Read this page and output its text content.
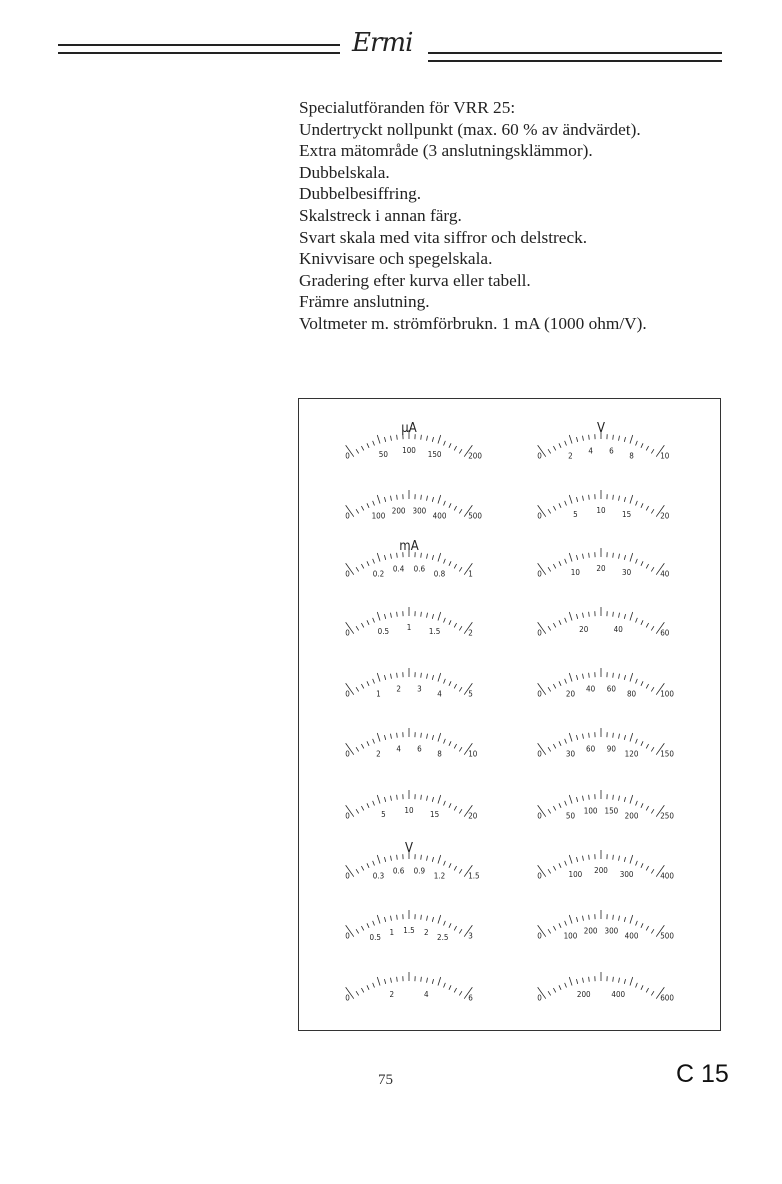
Ermi
Specialutföranden för VRR 25:
Undertryckt nollpunkt (max. 60 % av ändvärdet).
Extra mätområde (3 anslutningsklämmor).
Dubbelskala.
Dubbelbesiffring.
Skalstreck i annan färg.
Svart skala med vita siffror och delstreck.
Knivvisare och spegelskala.
Gradering efter kurva eller tabell.
Främre anslutning.
Voltmeter m. strömförbrukn. 1 mA (1000 ohm/V).
0	200
50 100 150
µA
0	500
100
200 300
400
0	1
0.2
0.4 0.6
0.8
mA
0	2
0.5 1 1.5
0	5
1
2 3
4
0	10
2
4 6
8
0	20
5 10 15
0	1.5
0.3
0.6 0.9
1.2
V
0	3
0.5
1 1.5 2
2.5
0	6
2	4
0	10
2
4 6
8
V
0	20
5 10 15
0	40
10 20 30
0	60
20	40
0	100
20
40 60
80
0	150
30
60 90
120
0	250
50
100 150
200
0	400
100 200 300
0	500
100
200 300
400
0	600
200	400
75	C 15
